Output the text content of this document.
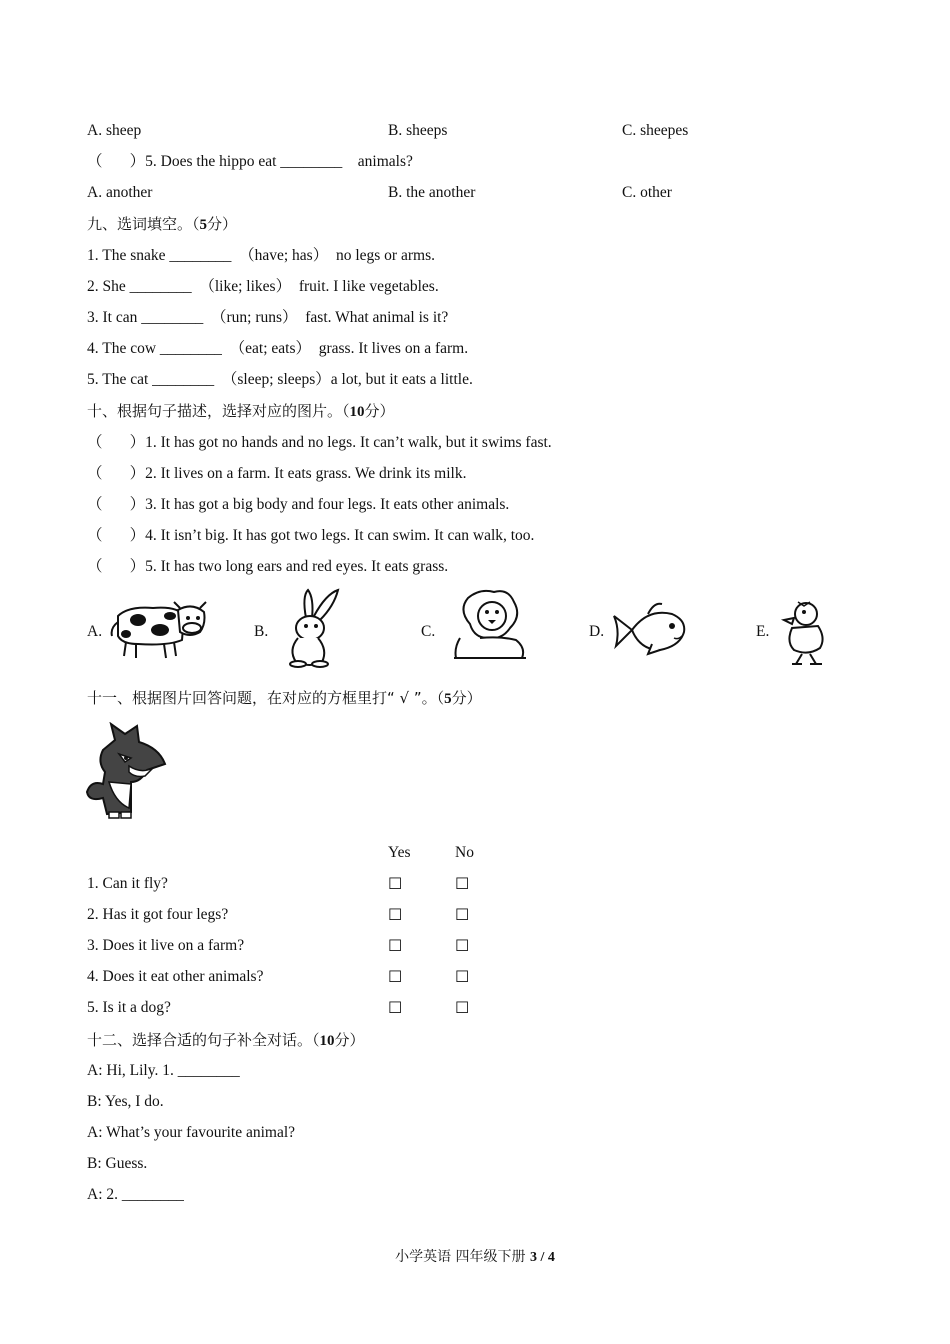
A. sheep	B. sheeps	C. sheepes
（       ）5. Does the hippo eat ________    animals?
A. another	B. the another	C. other
九、选词填空。（5分）
1. The snake ________  （have; has）  no legs or arms.
2. She ________  （like; likes）  fruit. I like vegetables.
3. It can ________  （run; runs）  fast. What animal is it?
4. The cow ________  （eat; eats）  grass. It lives on a farm.
5. The cat ________  （sleep; sleeps）a lot, but it eats a little.
十、根据句子描述，选择对应的图片。（10分）
（       ）1. It has got no hands and no legs. It can’t walk, but it swims fast.
（       ）2. It lives on a farm. It eats grass. We drink its milk.
（       ）3. It has got a big body and four legs. It eats other animals.
（       ）4. It isn’t big. It has got two legs. It can swim. It can walk, too.
（       ）5. It has two long ears and red eyes. It eats grass.
A.	B.	C.	D.	E.
十一、根据图片回答问题，在对应的方框里打“ √ ”。（5分）
Yes	No
1. Can it fly?	☐	☐
2. Has it got four legs?	☐	☐
3. Does it live on a farm?	☐	☐
4. Does it eat other animals?	☐	☐
5. Is it a dog?	☐	☐
十二、选择合适的句子补全对话。（10分）
A: Hi, Lily. 1. ________
B: Yes, I do.
A: What’s your favourite animal?
B: Guess.
A: 2. ________
小学英语 四年级下册 3 / 4
